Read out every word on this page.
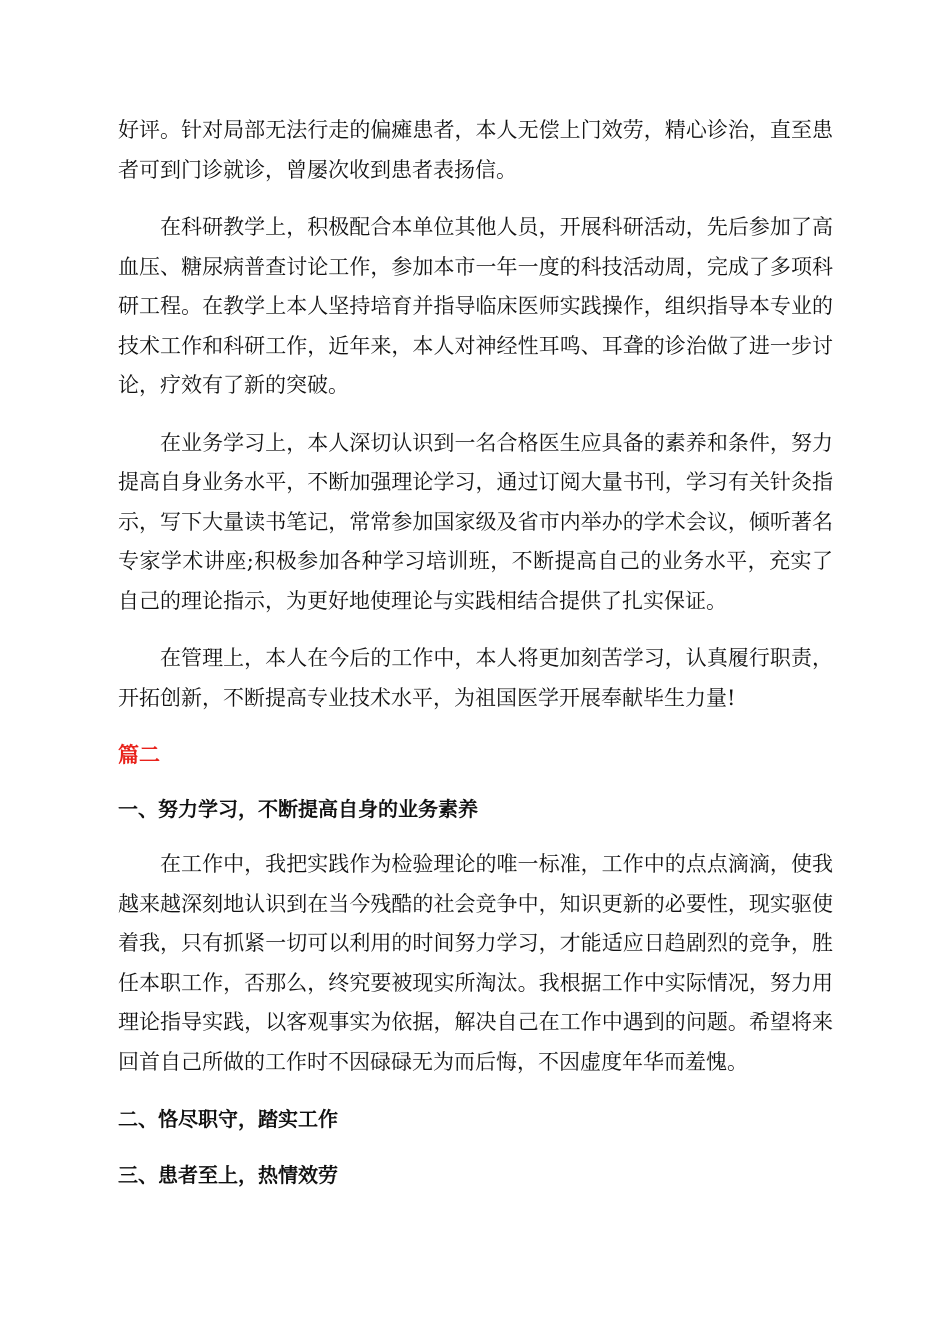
好评。针对局部无法行走的偏瘫患者，本人无偿上门效劳，精心诊治，直至患者可到门诊就诊，曾屡次收到患者表扬信。

在科研教学上，积极配合本单位其他人员，开展科研活动，先后参加了高血压、糖尿病普查讨论工作，参加本市一年一度的科技活动周，完成了多项科研工程。在教学上本人坚持培育并指导临床医师实践操作，组织指导本专业的技术工作和科研工作，近年来，本人对神经性耳鸣、耳聋的诊治做了进一步讨论，疗效有了新的突破。

在业务学习上，本人深切认识到一名合格医生应具备的素养和条件，努力提高自身业务水平，不断加强理论学习，通过订阅大量书刊，学习有关针灸指示，写下大量读书笔记，常常参加国家级及省市内举办的学术会议，倾听著名专家学术讲座;积极参加各种学习培训班，不断提高自己的业务水平，充实了自己的理论指示，为更好地使理论与实践相结合提供了扎实保证。

在管理上，本人在今后的工作中，本人将更加刻苦学习，认真履行职责，开拓创新，不断提高专业技术水平，为祖国医学开展奉献毕生力量!

篇二
一、努力学习，不断提高自身的业务素养

在工作中，我把实践作为检验理论的唯一标准，工作中的点点滴滴，使我越来越深刻地认识到在当今残酷的社会竞争中，知识更新的必要性，现实驱使着我，只有抓紧一切可以利用的时间努力学习，才能适应日趋剧烈的竞争，胜任本职工作，否那么，终究要被现实所淘汰。我根据工作中实际情况，努力用理论指导实践，以客观事实为依据，解决自己在工作中遇到的问题。希望将来回首自己所做的工作时不因碌碌无为而后悔，不因虚度年华而羞愧。

二、恪尽职守，踏实工作
三、患者至上，热情效劳
